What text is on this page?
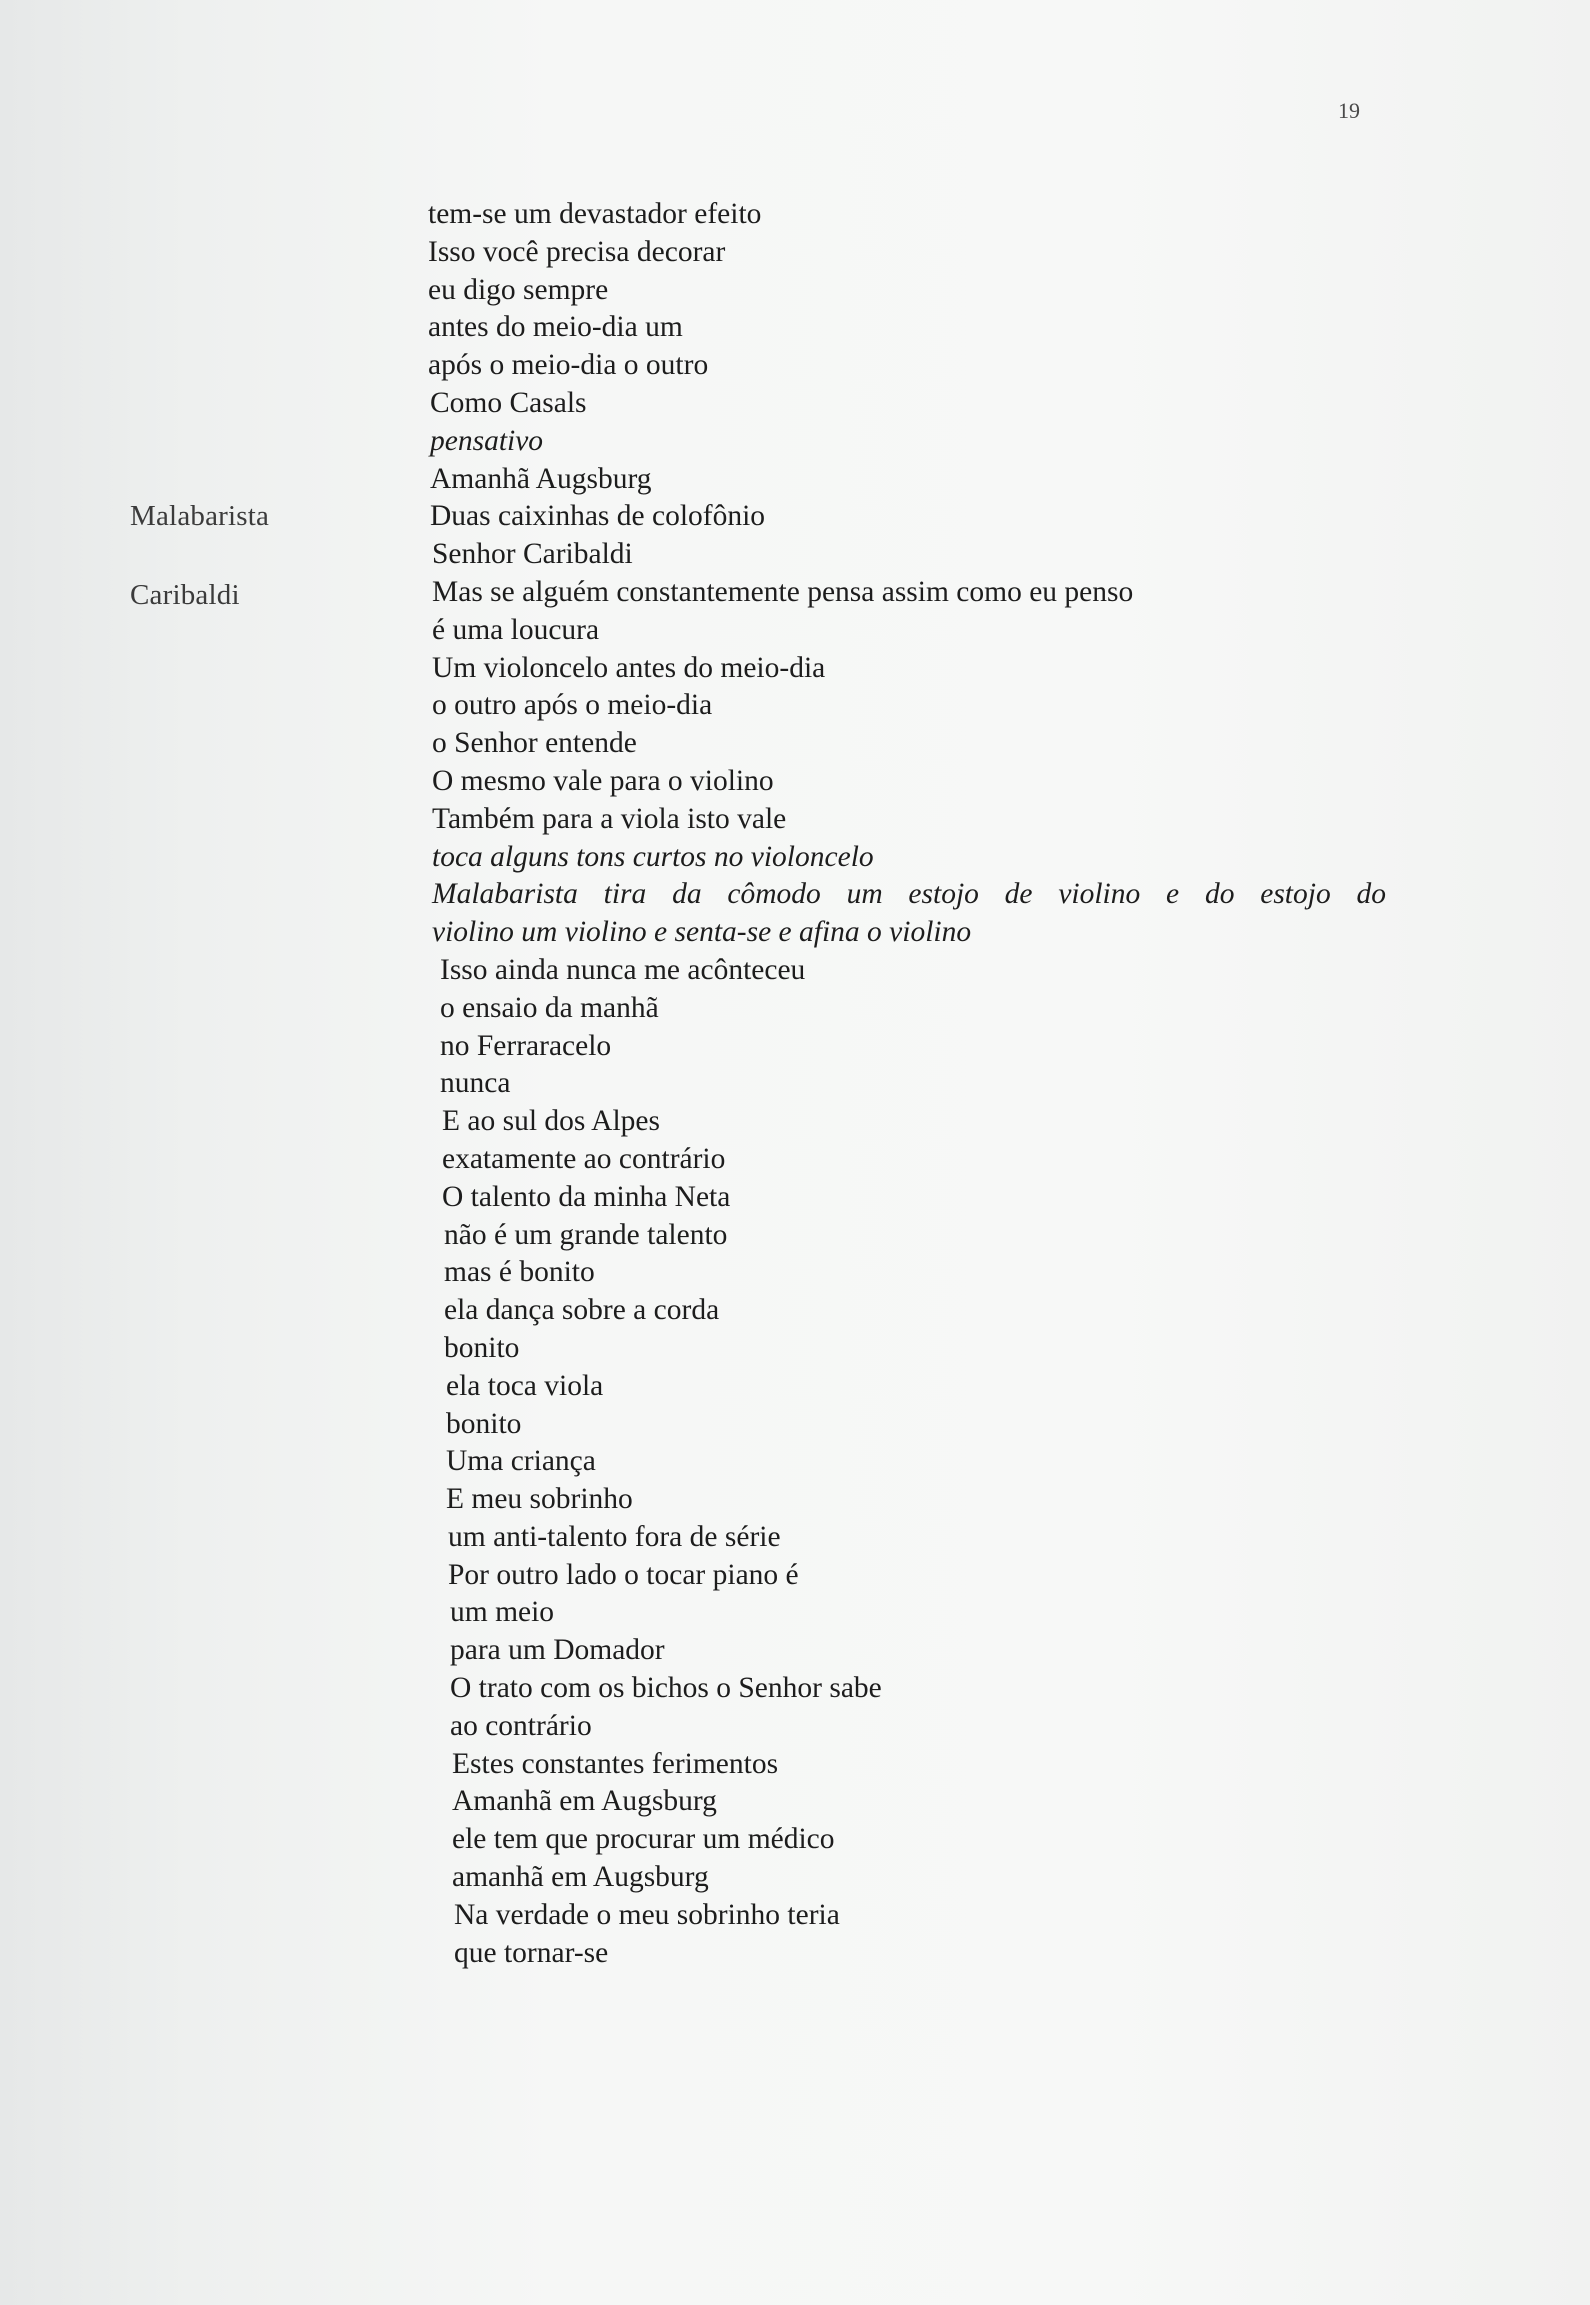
19
Malabarista
Caribaldi
tem-se um devastador efeito
Isso você precisa decorar
eu digo sempre
antes do meio-dia um
após o meio-dia o outro
Como Casals
pensativo
Amanhã Augsburg
Duas caixinhas de colofônio
Senhor Caribaldi
Mas se alguém constantemente pensa assim como eu penso
é uma loucura
Um violoncelo antes do meio-dia
o outro após o meio-dia
o Senhor entende
O mesmo vale para o violino
Também para a viola isto vale
toca alguns tons curtos no violoncelo
Malabarista tira da cômodo um estojo de violino e do estojo do
violino um violino e senta-se e afina o violino
Isso ainda nunca me acônteceu
o ensaio da manhã
no Ferraracelo
nunca
E ao sul dos Alpes
exatamente ao contrário
O talento da minha Neta
não é um grande talento
mas é bonito
ela dança sobre a corda
bonito
ela toca viola
bonito
Uma criança
E meu sobrinho
um anti-talento fora de série
Por outro lado o tocar piano é
um meio
para um Domador
O trato com os bichos o Senhor sabe
ao contrário
Estes constantes ferimentos
Amanhã em Augsburg
ele tem que procurar um médico
amanhã em Augsburg
Na verdade o meu sobrinho teria
que tornar-se
